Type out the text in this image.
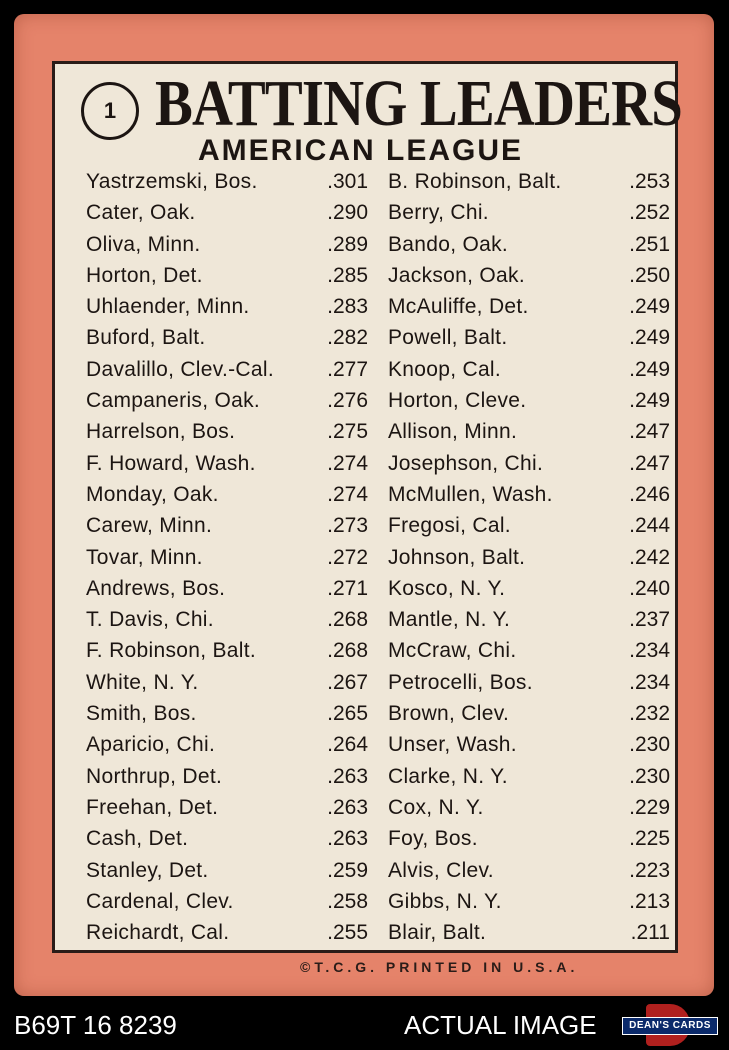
1 BATTING LEADERS
AMERICAN LEAGUE
Yastrzemski, Bos.	.301
Cater, Oak.	.290
Oliva, Minn.	.289
Horton, Det.	.285
Uhlaender, Minn.	.283
Buford, Balt.	.282
Davalillo, Clev.-Cal.	.277
Campaneris, Oak.	.276
Harrelson, Bos.	.275
F. Howard, Wash.	.274
Monday, Oak.	.274
Carew, Minn.	.273
Tovar, Minn.	.272
Andrews, Bos.	.271
T. Davis, Chi.	.268
F. Robinson, Balt.	.268
White, N. Y.	.267
Smith, Bos.	.265
Aparicio, Chi.	.264
Northrup, Det.	.263
Freehan, Det.	.263
Cash, Det.	.263
Stanley, Det.	.259
Cardenal, Clev.	.258
Reichardt, Cal.	.255
B. Robinson, Balt.	.253
Berry, Chi.	.252
Bando, Oak.	.251
Jackson, Oak.	.250
McAuliffe, Det.	.249
Powell, Balt.	.249
Knoop, Cal.	.249
Horton, Cleve.	.249
Allison, Minn.	.247
Josephson, Chi.	.247
McMullen, Wash.	.246
Fregosi, Cal.	.244
Johnson, Balt.	.242
Kosco, N. Y.	.240
Mantle, N. Y.	.237
McCraw, Chi.	.234
Petrocelli, Bos.	.234
Brown, Clev.	.232
Unser, Wash.	.230
Clarke, N. Y.	.230
Cox, N. Y.	.229
Foy, Bos.	.225
Alvis, Clev.	.223
Gibbs, N. Y.	.213
Blair, Balt.	.211
©T.C.G. PRINTED IN U.S.A.
B69T 16 8239	ACTUAL IMAGE	DEAN'S CARDS
